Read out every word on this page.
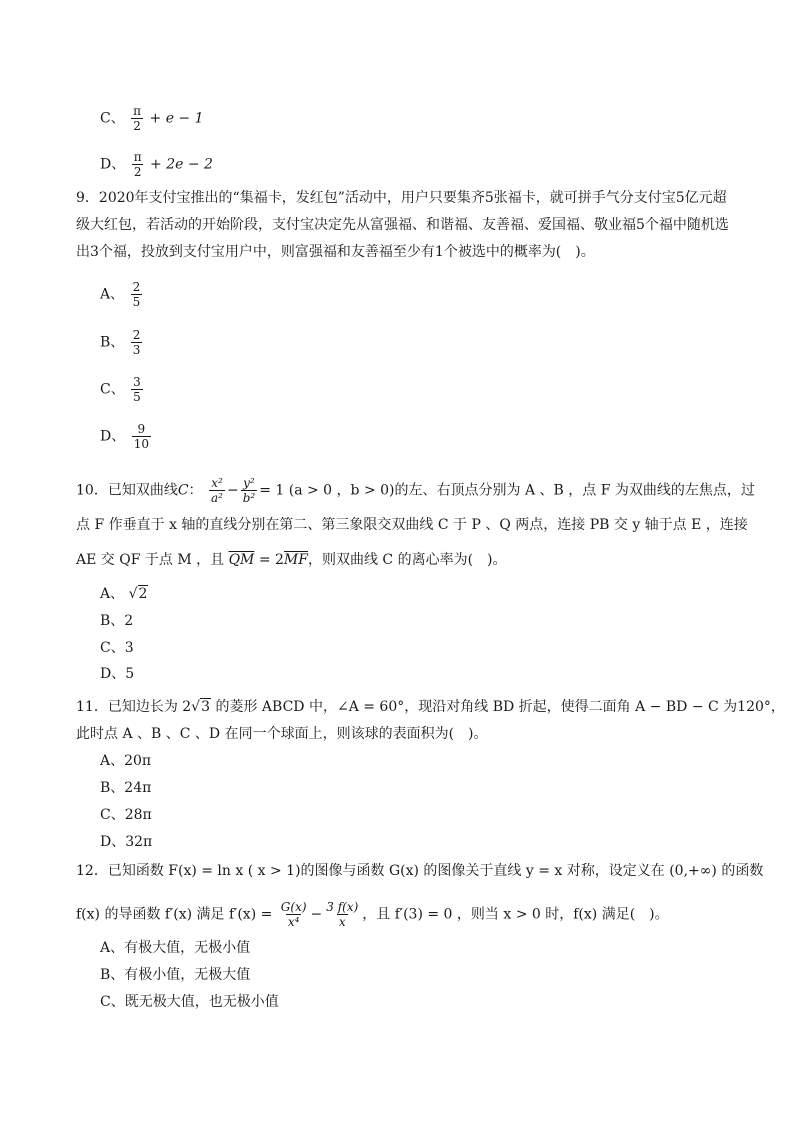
C、 $\frac{\pi}{2} + e - 1$
D、 $\frac{\pi}{2} + 2e - 2$
9．2020年支付宝推出的“集福卡，发红包”活动中，用户只要集齐5张福卡，就可拼手气分支付宝5亿元超
级大红包，若活动的开始阶段，支付宝决定先从富强福、和谐福、友善福、爱国福、敬业福5个福中随机选
出3个福，投放到支付宝用户中，则富强福和友善福至少有1个被选中的概率为(　)。
A、 $\frac{2}{5}$
B、 $\frac{2}{3}$
C、 $\frac{3}{5}$
D、 $\frac{9}{10}$
10．已知双曲线C： $\frac{\text{x²}}{\text{a²}} - \frac{\text{y²}}{\text{b²}} = 1$ (a > 0 ，b > 0)的左、右顶点分别为 A 、B ，点 F 为双曲线的左焦点，过
点 F 作垂直于 x 轴的直线分别在第二、第三象限交双曲线 C 于 P 、Q 两点，连接 PB 交 y 轴于点 E ，连接
AE 交 QF 于点 M ，且 $\overline{QM} = 2\overline{MF}$，则双曲线 C 的离心率为(　)。
A、 √2
B、2
C、3
D、5
11．已知边长为 2√3 的菱形 ABCD 中，∠A = 60°，现沿对角线 BD 折起，使得二面角 A − BD − C 为120°，
此时点 A 、B 、C 、D 在同一个球面上，则该球的表面积为(　)。
A、20π
B、24π
C、28π
D、32π
12．已知函数 F(x) = ln x ( x > 1)的图像与函数 G(x) 的图像关于直线 y = x 对称，设定义在 (0,+∞) 的函数
f(x) 的导函数 f′(x) 满足 $f'(x) = \frac{G(x)}{\text{x⁴}} - \frac{3 f(x)}{x}$ ，且 f′(3) = 0 ，则当 x > 0 时，f(x) 满足(　)。
A、有极大值，无极小值
B、有极小值，无极大值
C、既无极大值，也无极小值
